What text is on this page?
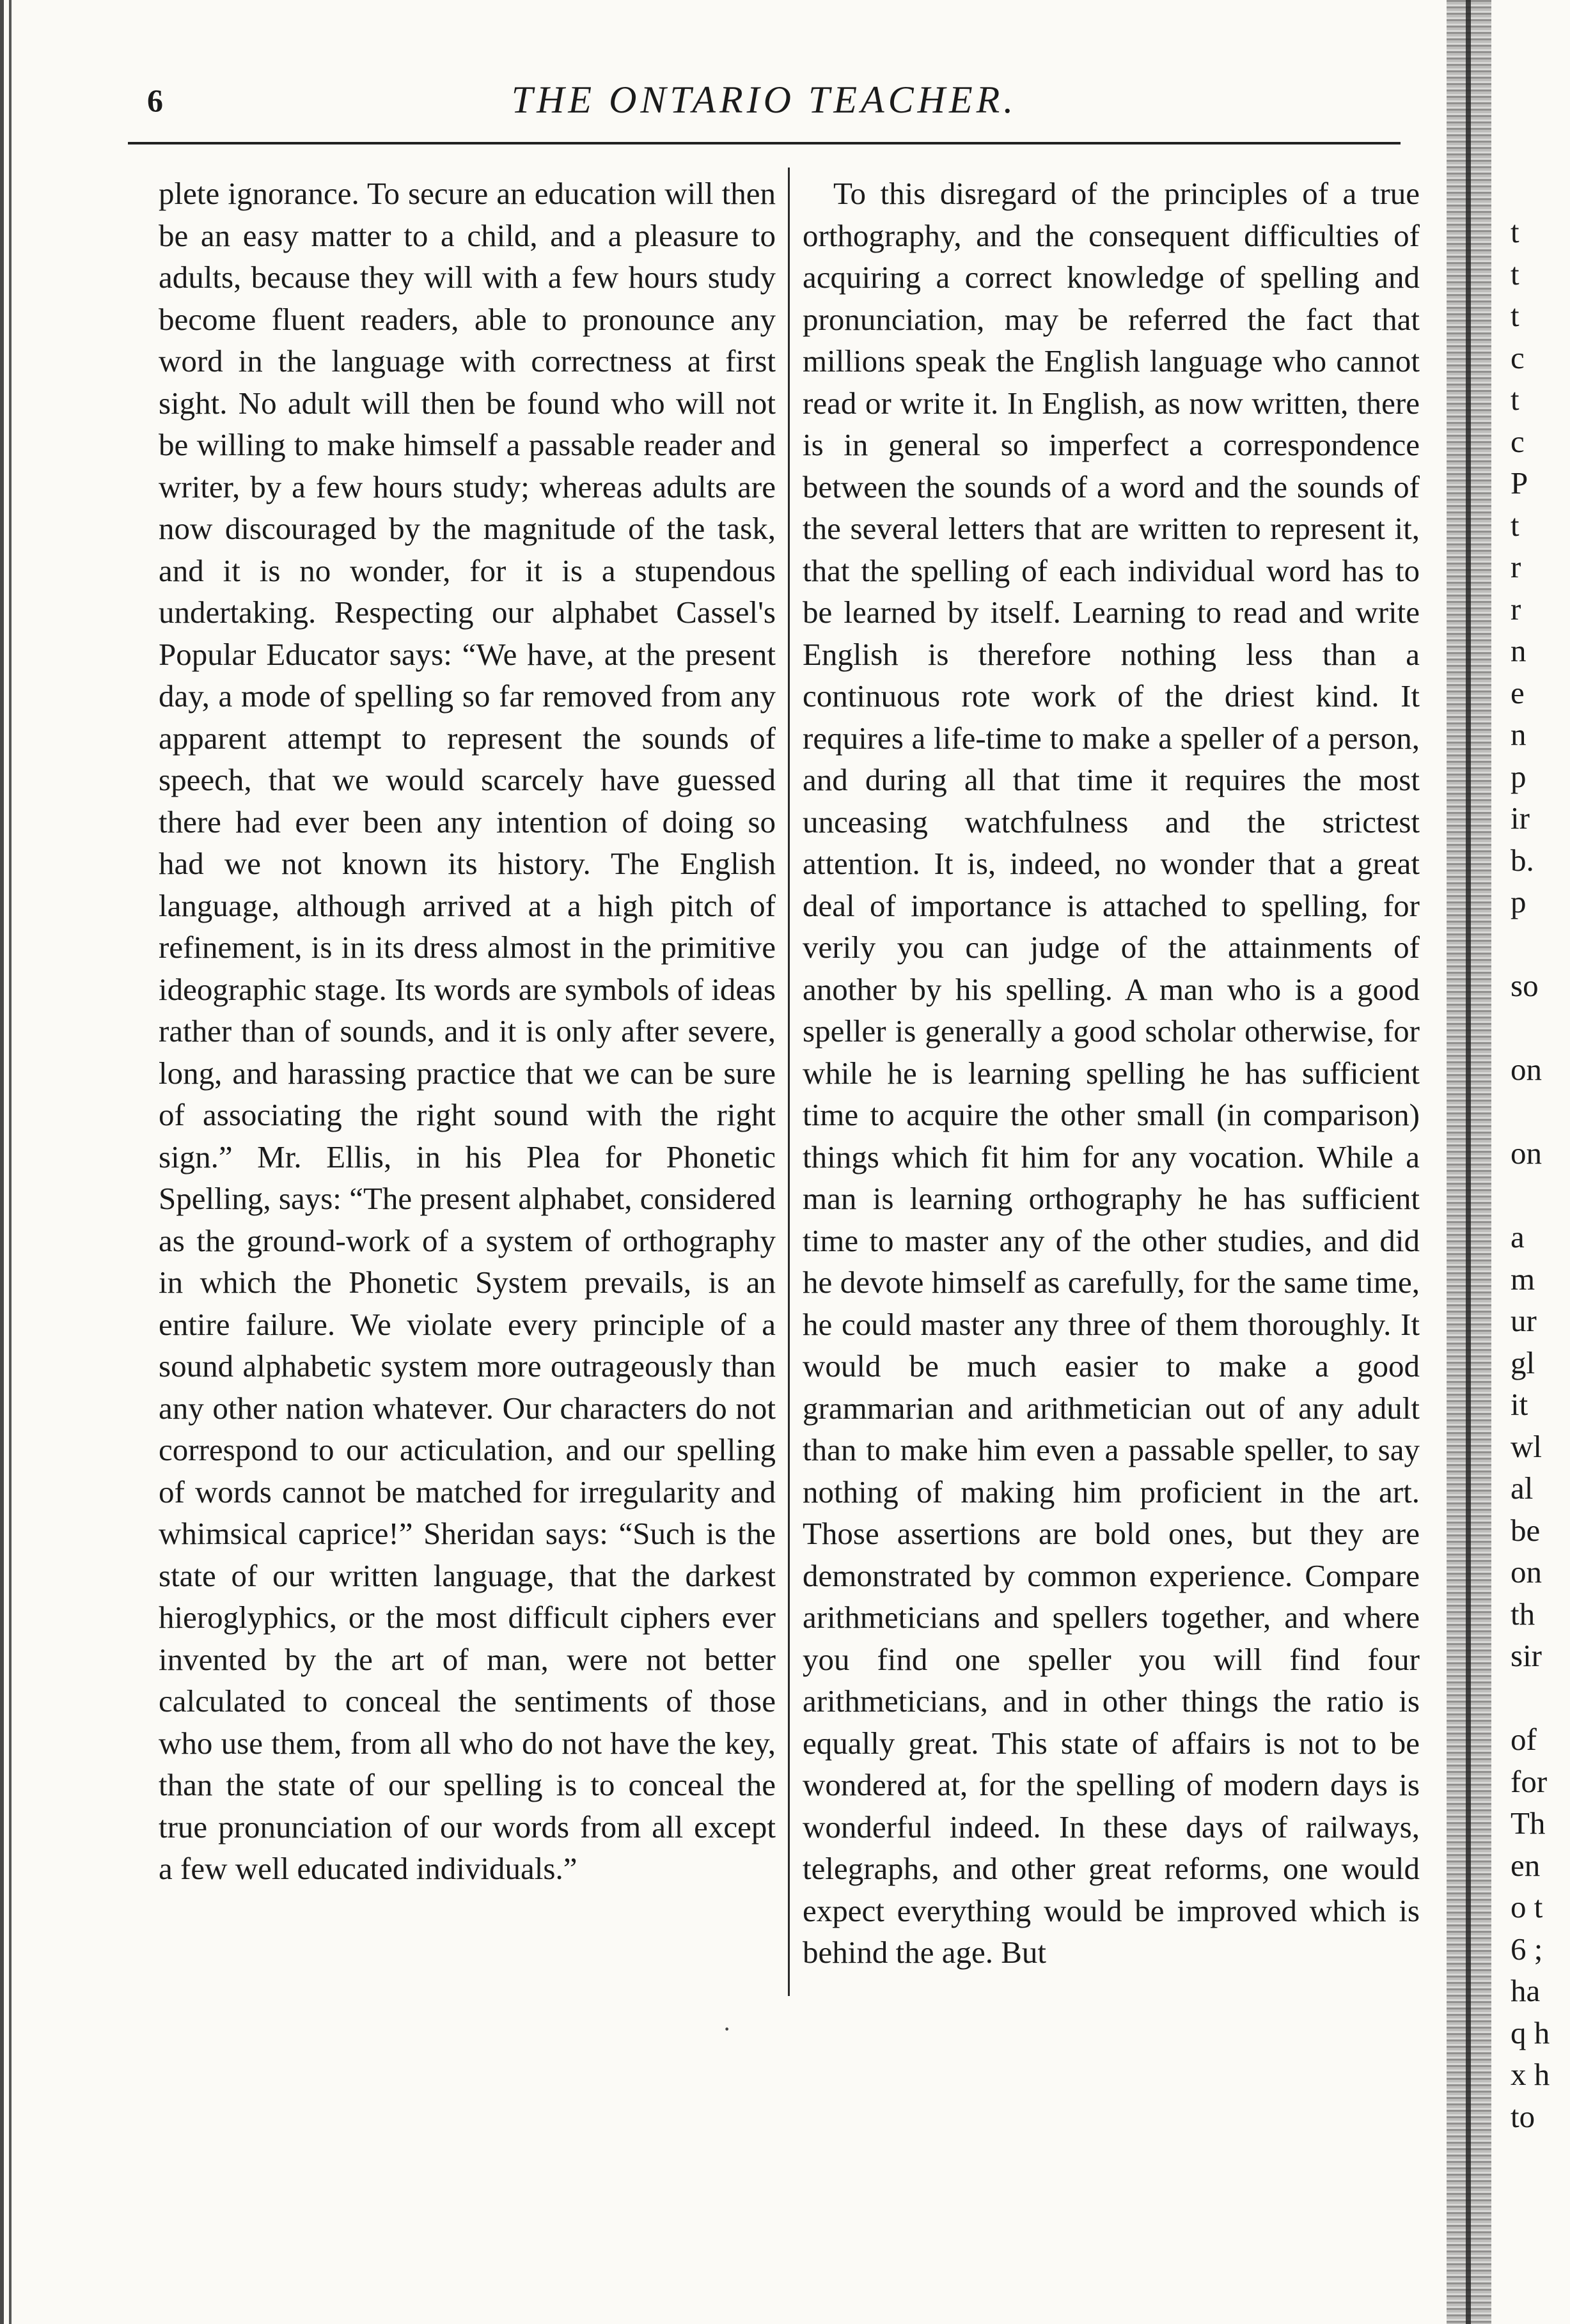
6	THE ONTARIO TEACHER.

plete ignorance. To secure an education will then be an easy matter to a child, and a pleasure to adults, because they will with a few hours study become fluent readers, able to pronounce any word in the language with correctness at first sight. No adult will then be found who will not be willing to make himself a passable reader and writer, by a few hours study; whereas adults are now discouraged by the magnitude of the task, and it is no wonder, for it is a stupendous undertaking. Respecting our alphabet Cassel's Popular Educator says: “We have, at the present day, a mode of spelling so far removed from any apparent attempt to represent the sounds of speech, that we would scarcely have guessed there had ever been any intention of doing so had we not known its history. The English language, although arrived at a high pitch of refinement, is in its dress almost in the primitive ideographic stage. Its words are symbols of ideas rather than of sounds, and it is only after severe, long, and harassing practice that we can be sure of associating the right sound with the right sign.” Mr. Ellis, in his Plea for Phonetic Spelling, says: “The present alphabet, considered as the ground-work of a system of orthography in which the Phonetic System prevails, is an entire failure. We violate every principle of a sound alphabetic system more outrageously than any other nation whatever. Our characters do not correspond to our acticulation, and our spelling of words cannot be matched for irregularity and whimsical caprice!” Sheridan says: “Such is the state of our written language, that the darkest hieroglyphics, or the most difficult ciphers ever invented by the art of man, were not better calculated to conceal the sentiments of those who use them, from all who do not have the key, than the state of our spelling is to conceal the true pronunciation of our words from all except a few well educated individuals.”

To this disregard of the principles of a true orthography, and the consequent difficulties of acquiring a correct knowledge of spelling and pronunciation, may be referred the fact that millions speak the English language who cannot read or write it. In English, as now written, there is in general so imperfect a correspondence between the sounds of a word and the sounds of the several letters that are written to represent it, that the spelling of each individual word has to be learned by itself. Learning to read and write English is therefore nothing less than a continuous rote work of the driest kind. It requires a life-time to make a speller of a person, and during all that time it requires the most unceasing watchfulness and the strictest attention. It is, indeed, no wonder that a great deal of importance is attached to spelling, for verily you can judge of the attainments of another by his spelling. A man who is a good speller is generally a good scholar otherwise, for while he is learning spelling he has sufficient time to acquire the other small (in comparison) things which fit him for any vocation. While a man is learning orthography he has sufficient time to master any of the other studies, and did he devote himself as carefully, for the same time, he could master any three of them thoroughly. It would be much easier to make a good grammarian and arithmetician out of any adult than to make him even a passable speller, to say nothing of making him proficient in the art. Those assertions are bold ones, but they are demonstrated by common experience. Compare arithmeticians and spellers together, and where you find one speller you will find four arithmeticians, and in other things the ratio is equally great. This state of affairs is not to be wondered at, for the spelling of modern days is wonderful indeed. In these days of railways, telegraphs, and other great reforms, one would expect everything would be improved which is behind the age. But

·
t
t
t
c
t
c
P
t
r
r
n
e
n
p
ir
b.
p

so

on

on

a
m
ur
gl
it
wl
al
be
on
th
sir

of
for
Th
en
o t
6 ;
ha
q h
x h
to
